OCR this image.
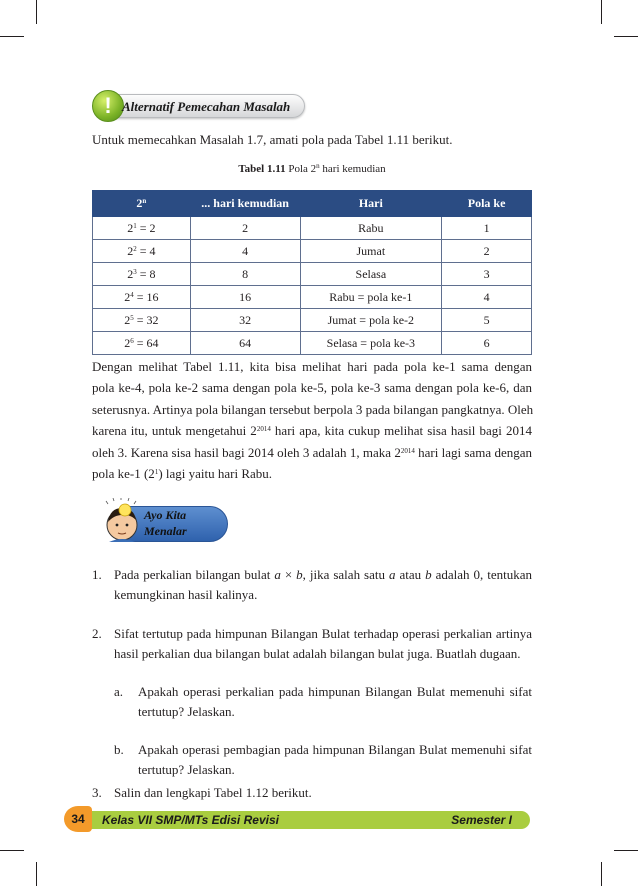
! Alternatif Pemecahan Masalah
Untuk memecahkan Masalah 1.7, amati pola pada Tabel 1.11 berikut.
Tabel 1.11 Pola 2$^n$ hari kemudian
2$^n$	... hari kemudian	Hari	Pola ke
$2^1 = 2$	2	Rabu	1
$2^2 = 4$	4	Jumat	2
$2^3 = 8$	8	Selasa	3
$2^4 = 16$	16	Rabu = pola ke-1	4
$2^5 = 32$	32	Jumat = pola ke-2	5
$2^6 = 64$	64	Selasa = pola ke-3	6
Dengan melihat Tabel 1.11, kita bisa melihat hari pada pola ke-1 sama dengan
pola ke-4, pola ke-2 sama dengan pola ke-5, pola ke-3 sama dengan pola ke-6, dan
seterusnya. Artinya pola bilangan tersebut berpola 3 pada bilangan pangkatnya. Oleh
karena itu, untuk mengetahui $2^{2014}$ hari apa, kita cukup melihat sisa hasil bagi 2014
oleh 3. Karena sisa hasil bagi 2014 oleh 3 adalah 1, maka $2^{2014}$ hari lagi sama dengan
pola ke-1 $(2^1)$ lagi yaitu hari Rabu.
Ayo Kita
Menalar
1. Pada perkalian bilangan bulat a × b, jika salah satu a atau b adalah 0, tentukan kemungkinan hasil kalinya.
2. Sifat tertutup pada himpunan Bilangan Bulat terhadap operasi perkalian artinya hasil perkalian dua bilangan bulat adalah bilangan bulat juga. Buatlah dugaan.
a. Apakah operasi perkalian pada himpunan Bilangan Bulat memenuhi sifat tertutup? Jelaskan.
b. Apakah operasi pembagian pada himpunan Bilangan Bulat memenuhi sifat tertutup? Jelaskan.
3. Salin dan lengkapi Tabel 1.12 berikut.
34	Kelas VII SMP/MTs Edisi Revisi	Semester I
